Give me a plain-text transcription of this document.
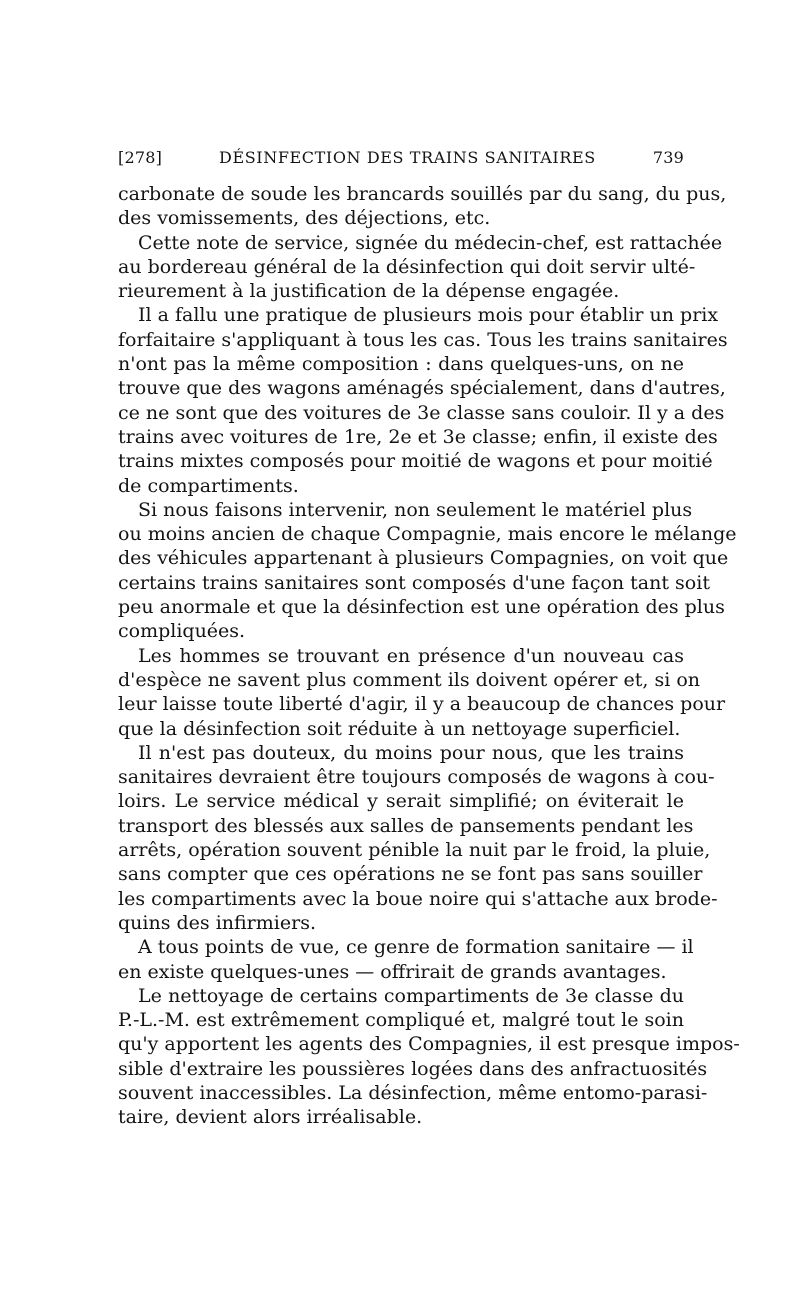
[278]	DÉSINFECTION DES TRAINS SANITAIRES	739
carbonate de soude les brancards souillés par du sang, du pus,
des vomissements, des déjections, etc.
Cette note de service, signée du médecin-chef, est rattachée
au bordereau général de la désinfection qui doit servir ulté-
rieurement à la justification de la dépense engagée.
Il a fallu une pratique de plusieurs mois pour établir un prix
forfaitaire s'appliquant à tous les cas. Tous les trains sanitaires
n'ont pas la même composition : dans quelques-uns, on ne
trouve que des wagons aménagés spécialement, dans d'autres,
ce ne sont que des voitures de 3e classe sans couloir. Il y a des
trains avec voitures de 1re, 2e et 3e classe; enfin, il existe des
trains mixtes composés pour moitié de wagons et pour moitié
de compartiments.
Si nous faisons intervenir, non seulement le matériel plus
ou moins ancien de chaque Compagnie, mais encore le mélange
des véhicules appartenant à plusieurs Compagnies, on voit que
certains trains sanitaires sont composés d'une façon tant soit
peu anormale et que la désinfection est une opération des plus
compliquées.
Les hommes se trouvant en présence d'un nouveau cas
d'espèce ne savent plus comment ils doivent opérer et, si on
leur laisse toute liberté d'agir, il y a beaucoup de chances pour
que la désinfection soit réduite à un nettoyage superficiel.
Il n'est pas douteux, du moins pour nous, que les trains
sanitaires devraient être toujours composés de wagons à cou-
loirs. Le service médical y serait simplifié; on éviterait le
transport des blessés aux salles de pansements pendant les
arrêts, opération souvent pénible la nuit par le froid, la pluie,
sans compter que ces opérations ne se font pas sans souiller
les compartiments avec la boue noire qui s'attache aux brode-
quins des infirmiers.
A tous points de vue, ce genre de formation sanitaire — il
en existe quelques-unes — offrirait de grands avantages.
Le nettoyage de certains compartiments de 3e classe du
P.-L.-M. est extrêmement compliqué et, malgré tout le soin
qu'y apportent les agents des Compagnies, il est presque impos-
sible d'extraire les poussières logées dans des anfractuosités
souvent inaccessibles. La désinfection, même entomo-parasi-
taire, devient alors irréalisable.
